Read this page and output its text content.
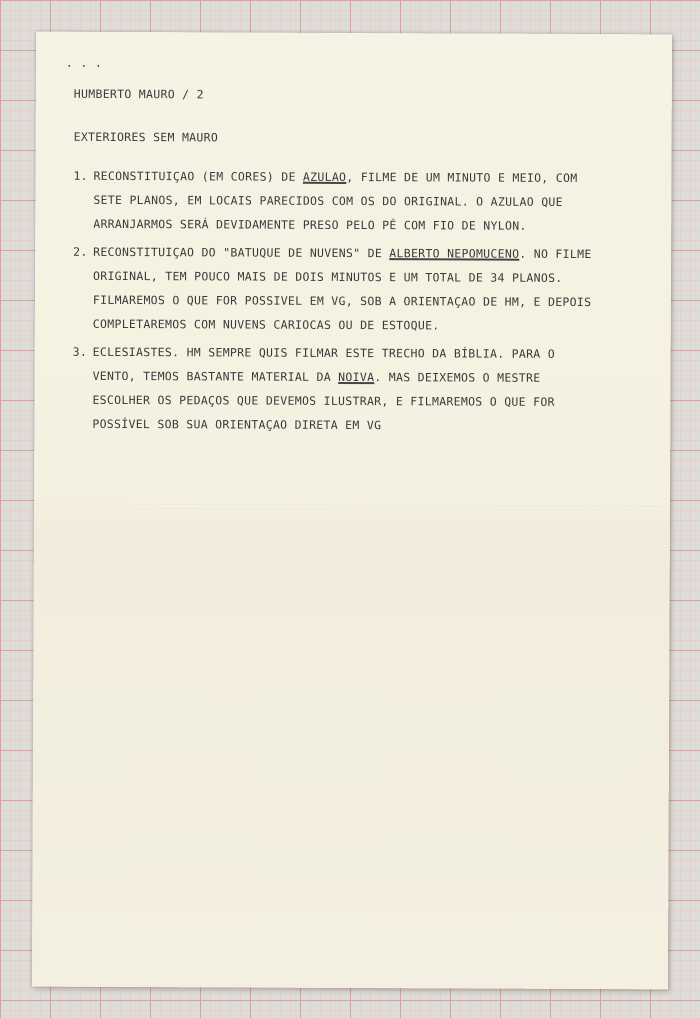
. . .
HUMBERTO MAURO / 2
EXTERIORES SEM MAURO
1. RECONSTITUIÇAO (EM CORES) DE AZULAO, FILME DE UM MINUTO E MEIO, COM
SETE PLANOS, EM LOCAIS PARECIDOS COM OS DO ORIGINAL. O AZULAO QUE
ARRANJARMOS SERÁ DEVIDAMENTE PRESO PELO PÉ COM FIO DE NYLON.
2. RECONSTITUIÇAO DO "BATUQUE DE NUVENS" DE ALBERTO NEPOMUCENO. NO FILME
ORIGINAL, TEM POUCO MAIS DE DOIS MINUTOS E UM TOTAL DE 34 PLANOS.
FILMAREMOS O QUE FOR POSSIVEL EM VG, SOB A ORIENTAÇAO DE HM, E DEPOIS
COMPLETAREMOS COM NUVENS CARIOCAS OU DE ESTOQUE.
3. ECLESIASTES. HM SEMPRE QUIS FILMAR ESTE TRECHO DA BÍBLIA. PARA O
VENTO, TEMOS BASTANTE MATERIAL DA NOIVA. MAS DEIXEMOS O MESTRE
ESCOLHER OS PEDAÇOS QUE DEVEMOS ILUSTRAR, E FILMAREMOS O QUE FOR
POSSÍVEL SOB SUA ORIENTAÇAO DIRETA EM VG
